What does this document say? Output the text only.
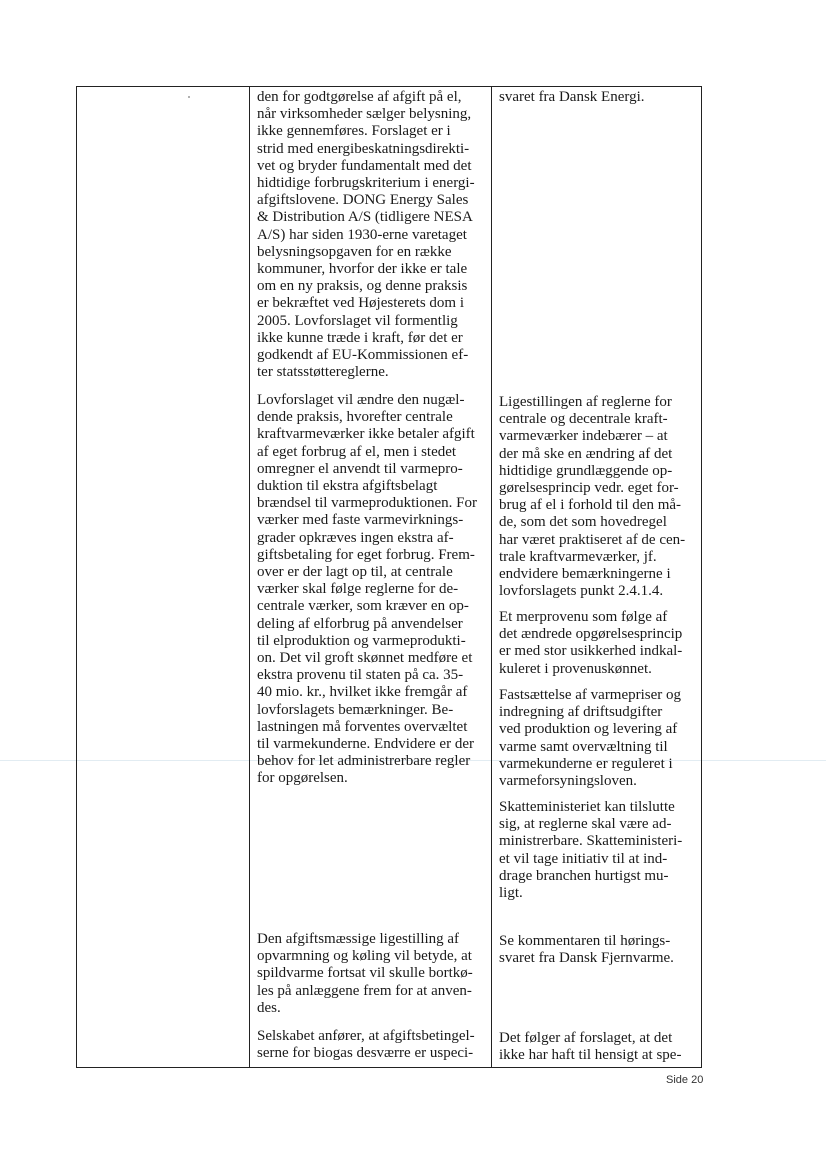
den for godtgørelse af afgift på el,
når virksomheder sælger belysning,
ikke gennemføres. Forslaget er i
strid med energibeskatningsdirekti-
vet og bryder fundamentalt med det
hidtidige forbrugskriterium i energi-
afgiftslovene. DONG Energy Sales
& Distribution A/S (tidligere NESA
A/S) har siden 1930-erne varetaget
belysningsopgaven for en række
kommuner, hvorfor der ikke er tale
om en ny praksis, og denne praksis
er bekræftet ved Højesterets dom i
2005. Lovforslaget vil formentlig
ikke kunne træde i kraft, før det er
godkendt af EU-Kommissionen ef-
ter statsstøttereglerne.
svaret fra Dansk Energi.
Lovforslaget vil ændre den nugæl-
dende praksis, hvorefter centrale
kraftvarmeværker ikke betaler afgift
af eget forbrug af el, men i stedet
omregner el anvendt til varmepro-
duktion til ekstra afgiftsbelagt
brændsel til varmeproduktionen. For
værker med faste varmevirknings-
grader opkræves ingen ekstra af-
giftsbetaling for eget forbrug. Frem-
over er der lagt op til, at centrale
værker skal følge reglerne for de-
centrale værker, som kræver en op-
deling af elforbrug på anvendelser
til elproduktion og varmeprodukti-
on. Det vil groft skønnet medføre et
ekstra provenu til staten på ca. 35-
40 mio. kr., hvilket ikke fremgår af
lovforslagets bemærkninger. Be-
lastningen må forventes overvæltet
til varmekunderne. Endvidere er der
behov for let administrerbare regler
for opgørelsen.
Ligestillingen af reglerne for
centrale og decentrale kraft-
varmeværker indebærer – at
der må ske en ændring af det
hidtidige grundlæggende op-
gørelsesprincip vedr. eget for-
brug af el i forhold til den må-
de, som det som hovedregel
har været praktiseret af de cen-
trale kraftvarmeværker, jf.
endvidere bemærkningerne i
lovforslagets punkt 2.4.1.4.
Et merprovenu som følge af
det ændrede opgørelsesprincip
er med stor usikkerhed indkal-
kuleret i provenuskønnet.
Fastsættelse af varmepriser og
indregning af driftsudgifter
ved produktion og levering af
varme samt overvæltning til
varmekunderne er reguleret i
varmeforsyningsloven.
Skatteministeriet kan tilslutte
sig, at reglerne skal være ad-
ministrerbare. Skatteministeri-
et vil tage initiativ til at ind-
drage branchen hurtigst mu-
ligt.
Den afgiftsmæssige ligestilling af
opvarmning og køling vil betyde, at
spildvarme fortsat vil skulle bortkø-
les på anlæggene frem for at anven-
des.
Se kommentaren til hørings-
svaret fra Dansk Fjernvarme.
Selskabet anfører, at afgiftsbetingel-
serne for biogas desværre er uspeci-
Det følger af forslaget, at det
ikke har haft til hensigt at spe-
Side 20
